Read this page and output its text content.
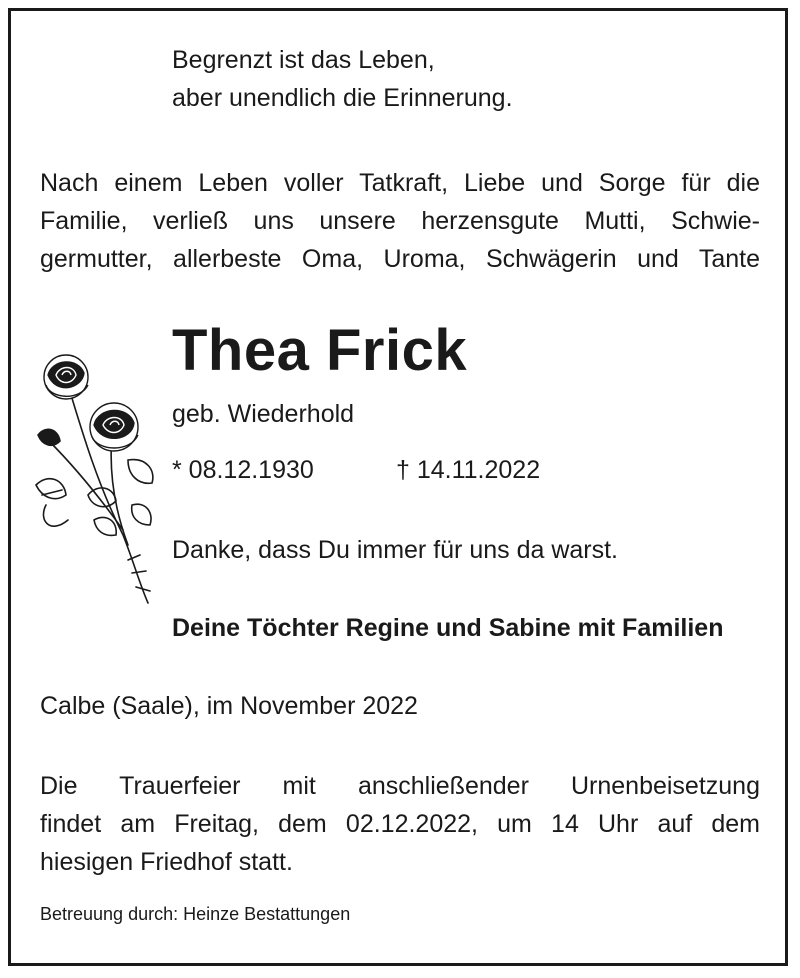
Begrenzt ist das Leben,
aber unendlich die Erinnerung.
Nach einem Leben voller Tatkraft, Liebe und Sorge für die
Familie, verließ uns unsere herzensgute Mutti, Schwie-
germutter, allerbeste Oma, Uroma, Schwägerin und Tante
Thea Frick
geb. Wiederhold
* 08.12.1930	† 14.11.2022
Danke, dass Du immer für uns da warst.
Deine Töchter Regine und Sabine mit Familien
Calbe (Saale), im November 2022
Die Trauerfeier mit anschließender Urnenbeisetzung
findet am Freitag, dem 02.12.2022, um 14 Uhr auf dem
hiesigen Friedhof statt.
Betreuung durch: Heinze Bestattungen
